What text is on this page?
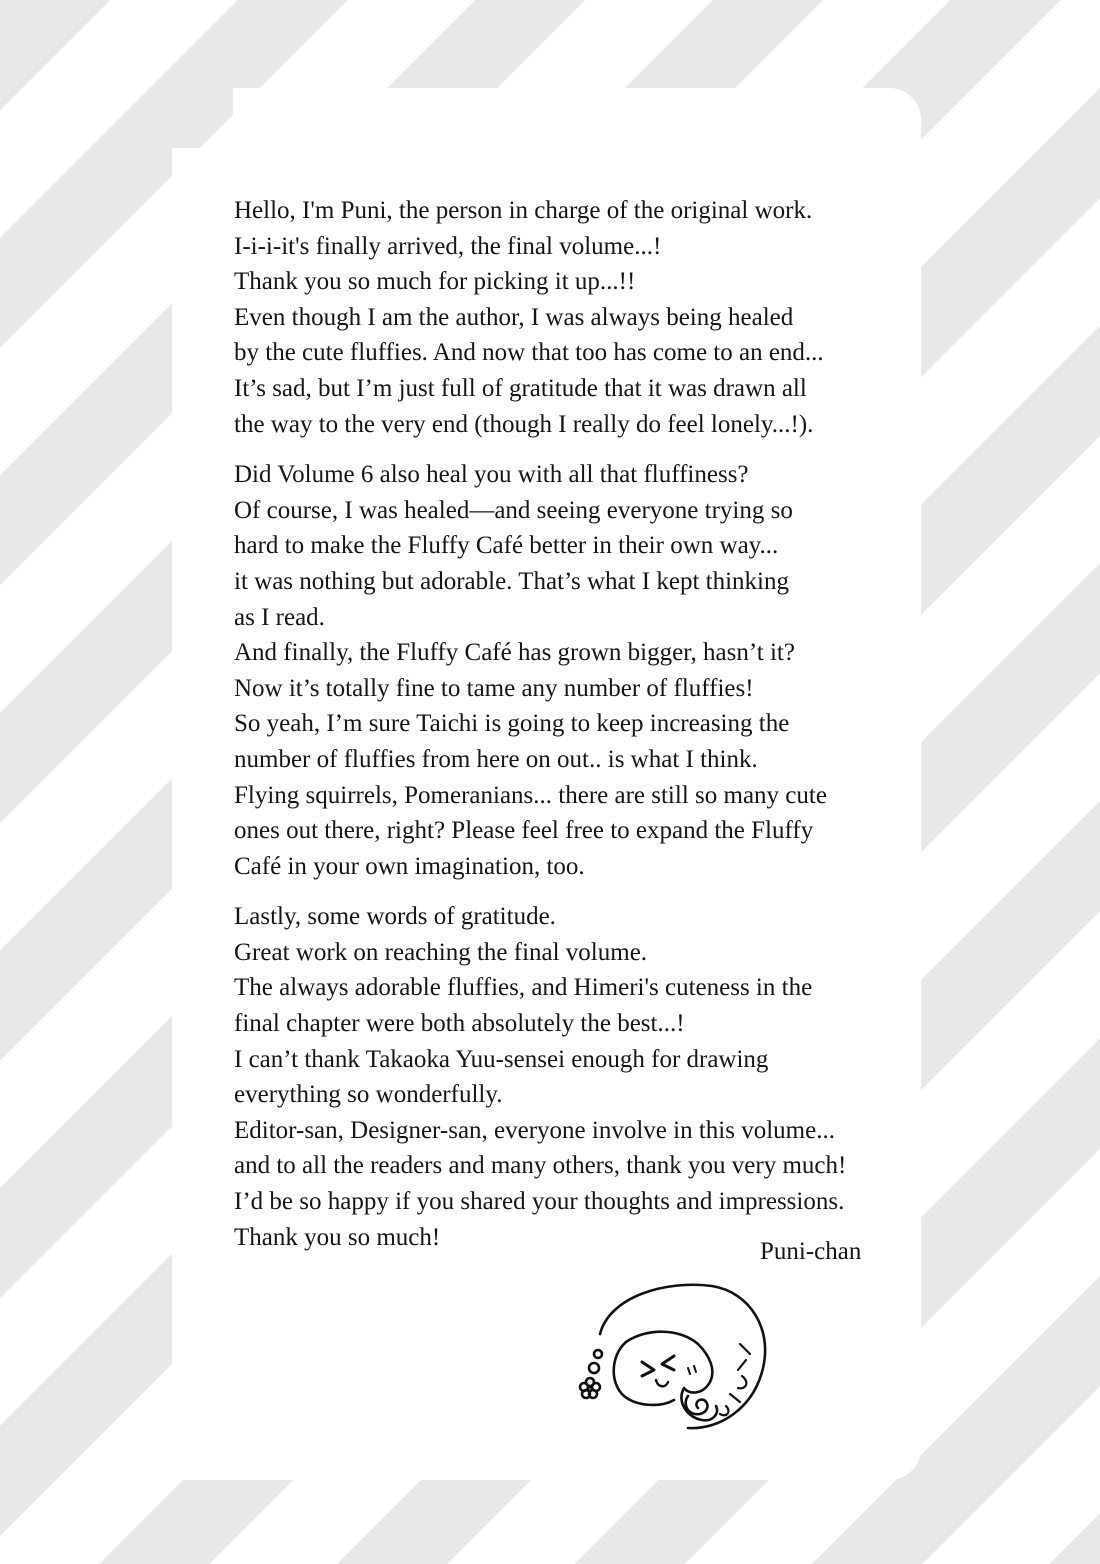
Hello, I'm Puni, the person in charge of the original work.
I-i-i-it's finally arrived, the final volume...!
Thank you so much for picking it up...!!
Even though I am the author, I was always being healed
by the cute fluffies. And now that too has come to an end...
It’s sad, but I’m just full of gratitude that it was drawn all
the way to the very end (though I really do feel lonely...!).
Did Volume 6 also heal you with all that fluffiness?
Of course, I was healed—and seeing everyone trying so
hard to make the Fluffy Café better in their own way...
it was nothing but adorable. That’s what I kept thinking
as I read.
And finally, the Fluffy Café has grown bigger, hasn’t it?
Now it’s totally fine to tame any number of fluffies!
So yeah, I’m sure Taichi is going to keep increasing the
number of fluffies from here on out.. is what I think.
Flying squirrels, Pomeranians... there are still so many cute
ones out there, right? Please feel free to expand the Fluffy
Café in your own imagination, too.
Lastly, some words of gratitude.
Great work on reaching the final volume.
The always adorable fluffies, and Himeri's cuteness in the
final chapter were both absolutely the best...!
I can’t thank Takaoka Yuu-sensei enough for drawing
everything so wonderfully.
Editor-san, Designer-san, everyone involve in this volume...
and to all the readers and many others, thank you very much!
I’d be so happy if you shared your thoughts and impressions.
Thank you so much!
Puni-chan
